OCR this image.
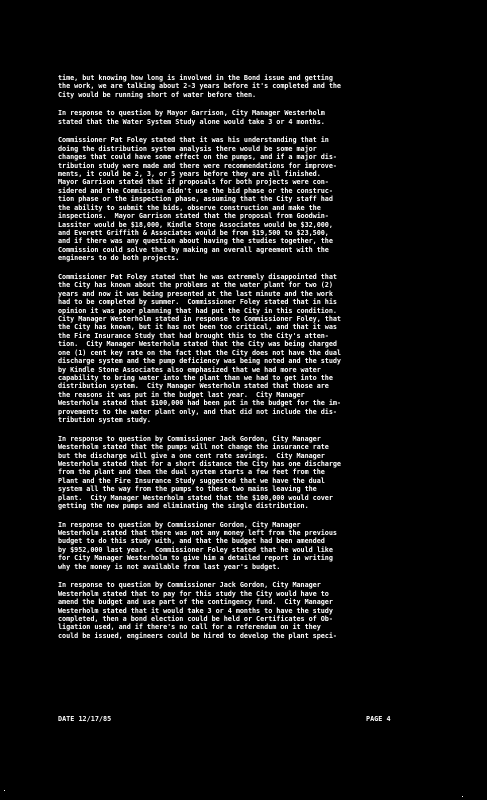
time, but knowing how long is involved in the Bond issue and getting
the work, we are talking about 2-3 years before it's completed and the
City would be running short of water before then.
In response to question by Mayor Garrison, City Manager Westerholm
stated that the Water System Study alone would take 3 or 4 months.
Commissioner Pat Foley stated that it was his understanding that in
doing the distribution system analysis there would be some major
changes that could have some effect on the pumps, and if a major dis-
tribution study were made and there were recommendations for improve-
ments, it could be 2, 3, or 5 years before they are all finished.
Mayor Garrison stated that if proposals for both projects were con-
sidered and the Commission didn't use the bid phase or the construc-
tion phase or the inspection phase, assuming that the City staff had
the ability to submit the bids, observe construction and make the
inspections.  Mayor Garrison stated that the proposal from Goodwin-
Lassiter would be $18,000, Kindle Stone Associates would be $32,000,
and Everett Griffith & Associates would be from $19,500 to $23,500,
and if there was any question about having the studies together, the
Commission could solve that by making an overall agreement with the
engineers to do both projects.
Commissioner Pat Foley stated that he was extremely disappointed that
the City has known about the problems at the water plant for two (2)
years and now it was being presented at the last minute and the work
had to be completed by summer.  Commissioner Foley stated that in his
opinion it was poor planning that had put the City in this condition.
City Manager Westerholm stated in response to Commissioner Foley, that
the City has known, but it has not been too critical, and that it was
the Fire Insurance Study that had brought this to the City's atten-
tion.  City Manager Westerholm stated that the City was being charged
one (1) cent key rate on the fact that the City does not have the dual
discharge system and the pump deficiency was being noted and the study
by Kindle Stone Associates also emphasized that we had more water
capability to bring water into the plant than we had to get into the
distribution system.  City Manager Westerholm stated that those are
the reasons it was put in the budget last year.  City Manager
Westerholm stated that $100,000 had been put in the budget for the im-
provements to the water plant only, and that did not include the dis-
tribution system study.
In response to question by Commissioner Jack Gordon, City Manager
Westerholm stated that the pumps will not change the insurance rate
but the discharge will give a one cent rate savings.  City Manager
Westerholm stated that for a short distance the City has one discharge
from the plant and then the dual system starts a few feet from the
Plant and the Fire Insurance Study suggested that we have the dual
system all the way from the pumps to these two mains leaving the
plant.  City Manager Westerholm stated that the $100,000 would cover
getting the new pumps and eliminating the single distribution.
In response to question by Commissioner Gordon, City Manager
Westerholm stated that there was not any money left from the previous
budget to do this study with, and that the budget had been amended
by $952,000 last year.  Commissioner Foley stated that he would like
for City Manager Westerholm to give him a detailed report in writing
why the money is not available from last year's budget.
In response to question by Commissioner Jack Gordon, City Manager
Westerholm stated that to pay for this study the City would have to
amend the budget and use part of the contingency fund.  City Manager
Westerholm stated that it would take 3 or 4 months to have the study
completed, then a bond election could be held or Certificates of Ob-
ligation used, and if there's no call for a referendum on it they
could be issued, engineers could be hired to develop the plant speci-
DATE 12/17/85	PAGE 4
